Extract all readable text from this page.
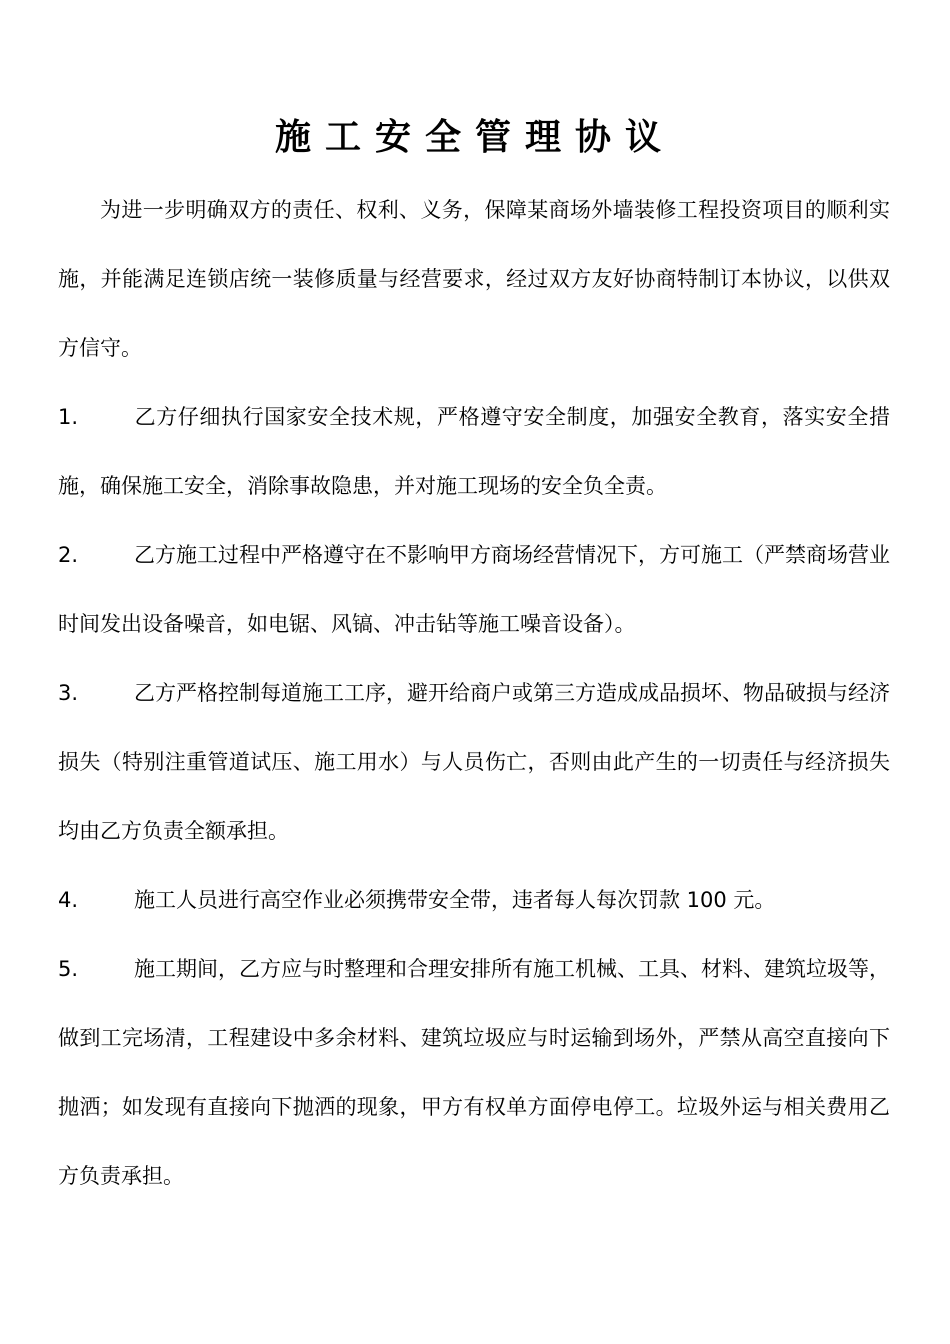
施工安全管理协议

为进一步明确双方的责任、权利、义务，保障某商场外墙装修工程投资项目的顺利实施，并能满足连锁店统一装修质量与经营要求，经过双方友好协商特制订本协议，以供双方信守。

1.	乙方仔细执行国家安全技术规，严格遵守安全制度，加强安全教育，落实安全措施，确保施工安全，消除事故隐患，并对施工现场的安全负全责。

2.	乙方施工过程中严格遵守在不影响甲方商场经营情况下，方可施工（严禁商场营业时间发出设备噪音，如电锯、风镐、冲击钻等施工噪音设备）。

3.	乙方严格控制每道施工工序，避开给商户或第三方造成成品损坏、物品破损与经济损失（特别注重管道试压、施工用水）与人员伤亡，否则由此产生的一切责任与经济损失均由乙方负责全额承担。

4.	施工人员进行高空作业必须携带安全带，违者每人每次罚款 100 元。

5.	施工期间，乙方应与时整理和合理安排所有施工机械、工具、材料、建筑垃圾等，做到工完场清，工程建设中多余材料、建筑垃圾应与时运输到场外，严禁从高空直接向下抛洒；如发现有直接向下抛洒的现象，甲方有权单方面停电停工。垃圾外运与相关费用乙方负责承担。
